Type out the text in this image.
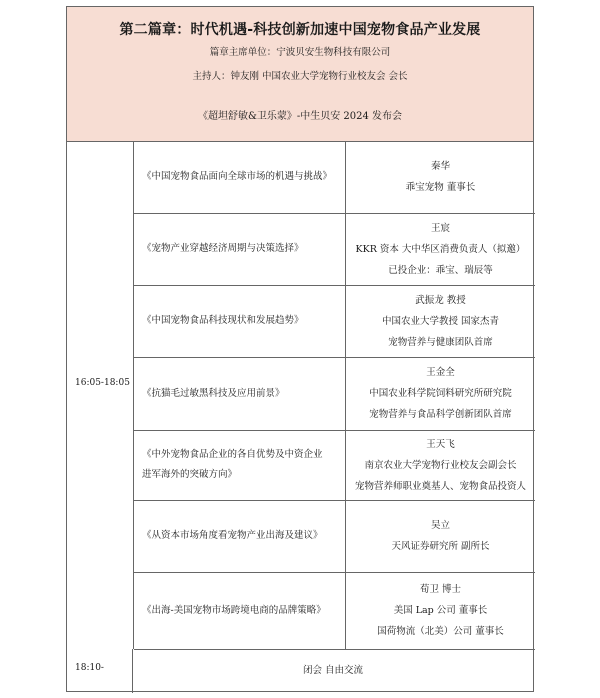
第二篇章：时代机遇-科技创新加速中国宠物食品产业发展
篇章主席单位：宁波贝安生物科技有限公司
主持人：钟友刚 中国农业大学宠物行业校友会 会长
《超坦舒敏&卫乐蒙》-中生贝安 2024 发布会
16:05-18:05
《中国宠物食品面向全球市场的机遇与挑战》
秦华
乖宝宠物 董事长
《宠物产业穿越经济周期与决策选择》
王宸
KKR 资本 大中华区消费负责人（拟邀）
已投企业：乖宝、瑞辰等
《中国宠物食品科技现状和发展趋势》
武振龙 教授
中国农业大学教授 国家杰青
宠物营养与健康团队首席
《抗猫毛过敏黑科技及应用前景》
王金全
中国农业科学院饲料研究所研究院
宠物营养与食品科学创新团队首席
《中外宠物食品企业的各自优势及中资企业进军海外的突破方向》
王天飞
南京农业大学宠物行业校友会副会长
宠物营养师职业奠基人、宠物食品投资人
《从资本市场角度看宠物产业出海及建议》
吴立
天风证券研究所 副所长
《出海-美国宠物市场跨境电商的品牌策略》
荀卫 博士
美国 Lap 公司 董事长
国荷物流（北美）公司 董事长
18:10-	闭会 自由交流
